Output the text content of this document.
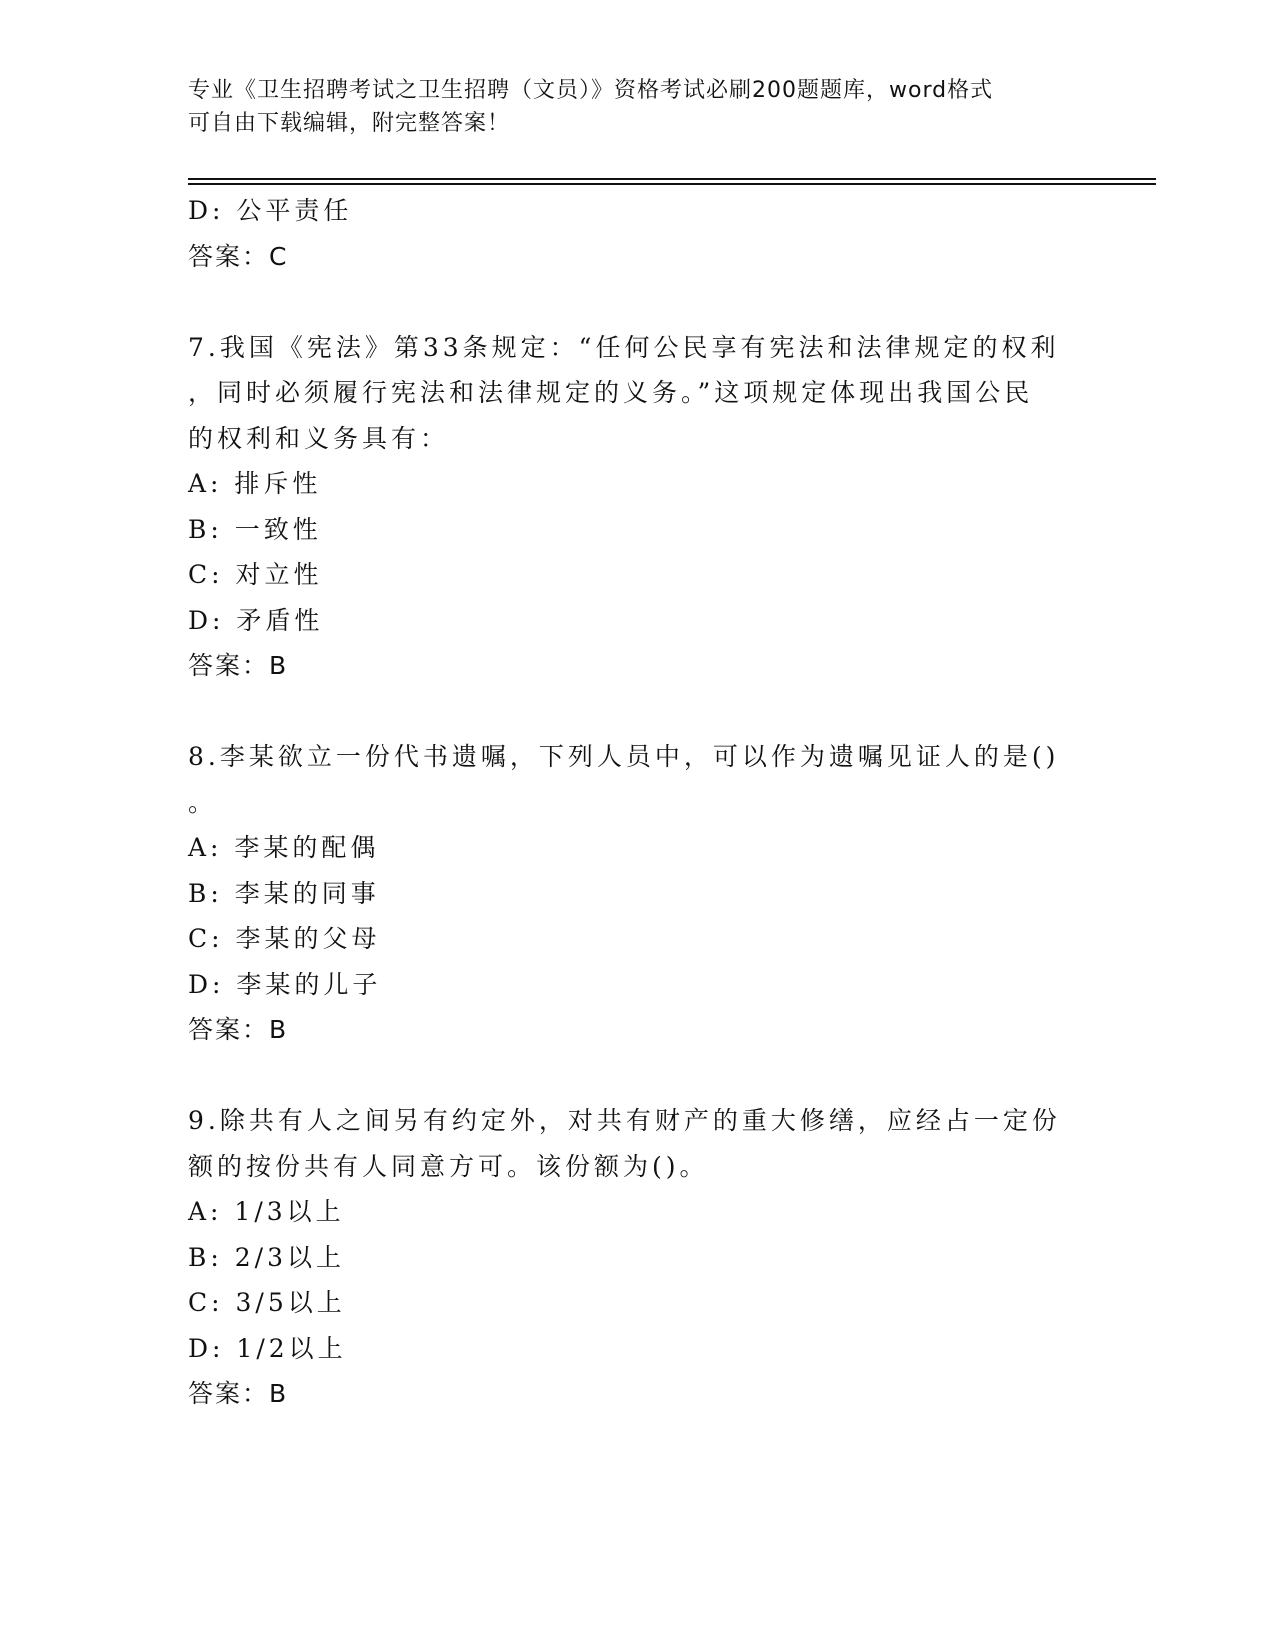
专业《卫生招聘考试之卫生招聘（文员）》资格考试必刷200题题库，word格式
可自由下载编辑，附完整答案！
D: 公平责任
答案：C
7.我国《宪法》第33条规定：“任何公民享有宪法和法律规定的权利
，同时必须履行宪法和法律规定的义务。”这项规定体现出我国公民
的权利和义务具有：
A: 排斥性
B: 一致性
C: 对立性
D: 矛盾性
答案：B
8.李某欲立一份代书遗嘱，下列人员中，可以作为遗嘱见证人的是()
。
A: 李某的配偶
B: 李某的同事
C: 李某的父母
D: 李某的儿子
答案：B
9.除共有人之间另有约定外，对共有财产的重大修缮，应经占一定份
额的按份共有人同意方可。该份额为()。
A: 1/3以上
B: 2/3以上
C: 3/5以上
D: 1/2以上
答案：B
